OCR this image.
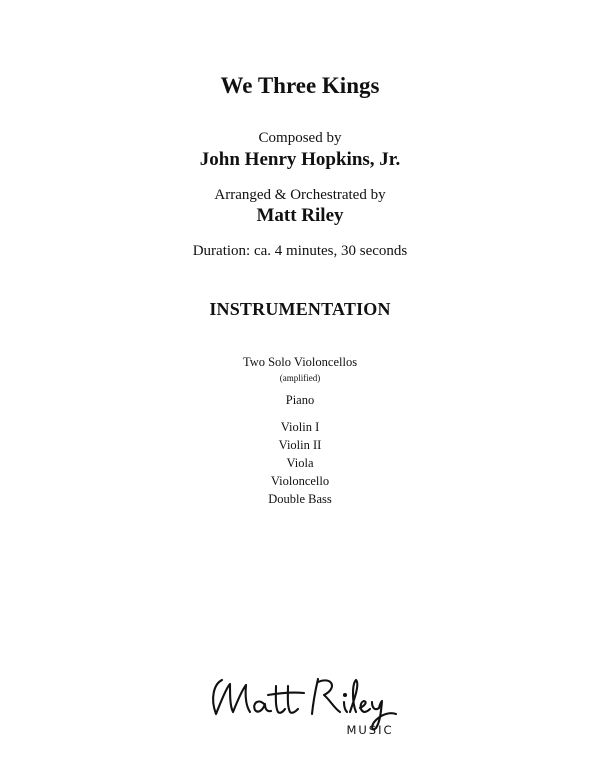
We Three Kings
Composed by
John Henry Hopkins, Jr.
Arranged & Orchestrated by
Matt Riley
Duration: ca. 4 minutes, 30 seconds
INSTRUMENTATION
Two Solo Violoncellos
(amplified)
Piano
Violin I
Violin II
Viola
Violoncello
Double Bass
MUSIC
